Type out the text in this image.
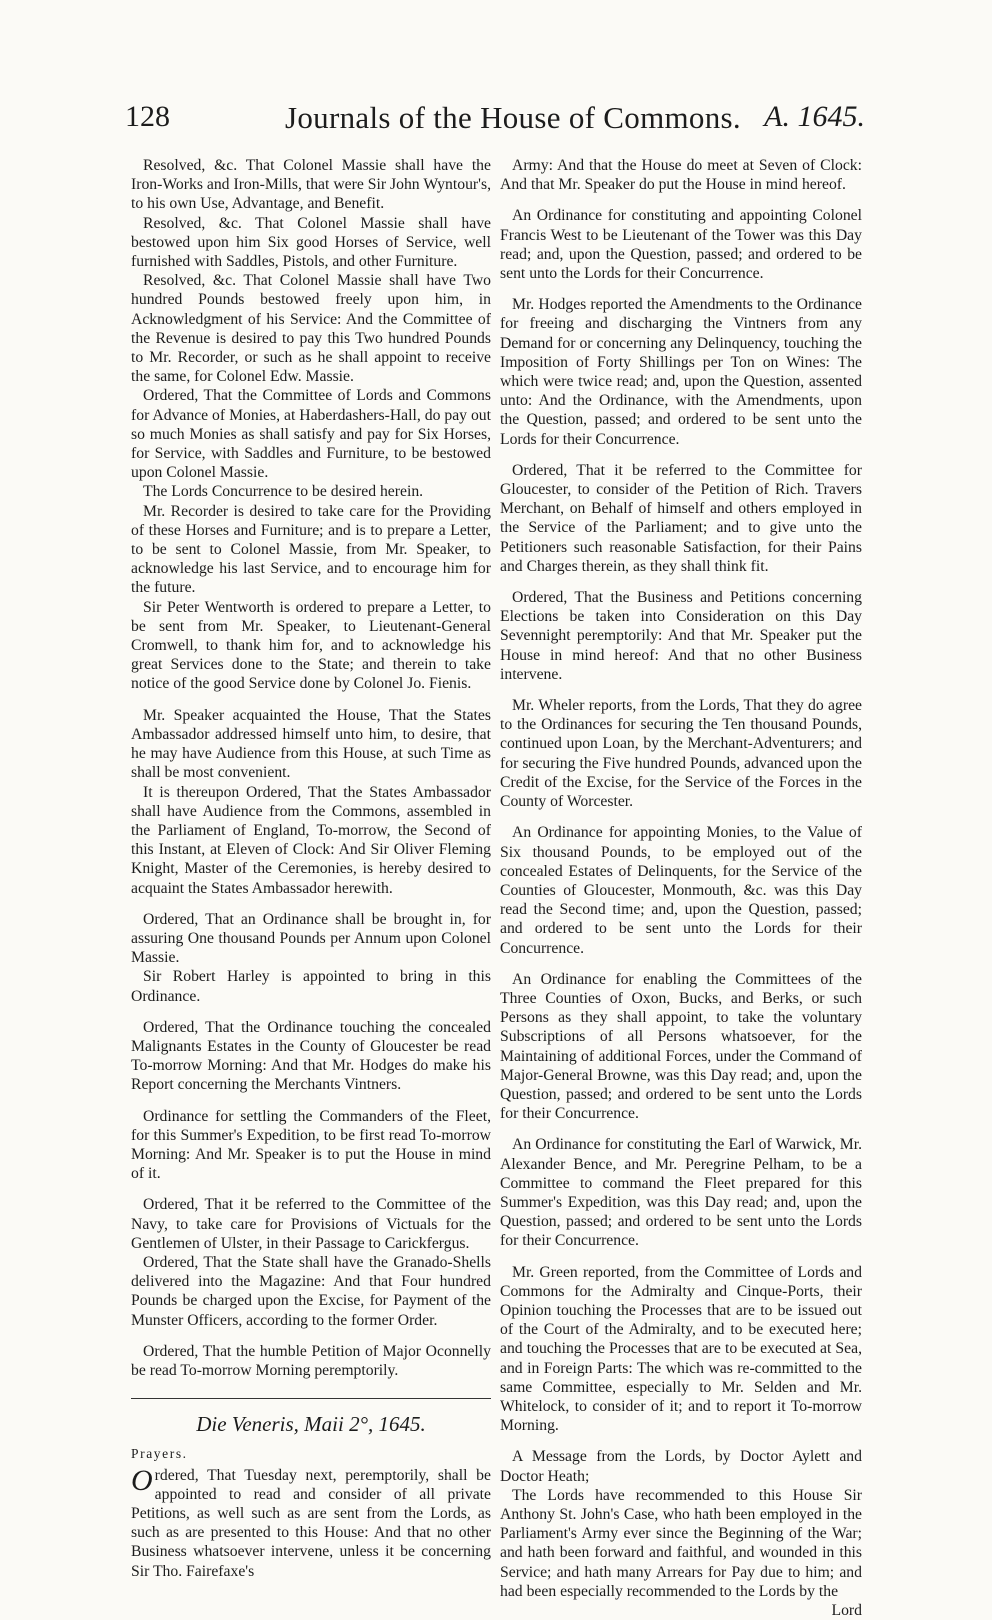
128	Journals of the House of Commons. A. 1645.

Resolved, &c. That Colonel Massie shall have the Iron-Works and Iron-Mills, that were Sir John Wyntour's, to his own Use, Advantage, and Benefit.

Resolved, &c. That Colonel Massie shall have bestowed upon him Six good Horses of Service, well furnished with Saddles, Pistols, and other Furniture.

Resolved, &c. That Colonel Massie shall have Two hundred Pounds bestowed freely upon him, in Acknowledgment of his Service: And the Committee of the Revenue is desired to pay this Two hundred Pounds to Mr. Recorder, or such as he shall appoint to receive the same, for Colonel Edw. Massie.

Ordered, That the Committee of Lords and Commons for Advance of Monies, at Haberdashers-Hall, do pay out so much Monies as shall satisfy and pay for Six Horses, for Service, with Saddles and Furniture, to be bestowed upon Colonel Massie.

The Lords Concurrence to be desired herein.

Mr. Recorder is desired to take care for the Providing of these Horses and Furniture; and is to prepare a Letter, to be sent to Colonel Massie, from Mr. Speaker, to acknowledge his last Service, and to encourage him for the future.

Sir Peter Wentworth is ordered to prepare a Letter, to be sent from Mr. Speaker, to Lieutenant-General Cromwell, to thank him for, and to acknowledge his great Services done to the State; and therein to take notice of the good Service done by Colonel Jo. Fienis.

Mr. Speaker acquainted the House, That the States Ambassador addressed himself unto him, to desire, that he may have Audience from this House, at such Time as shall be most convenient.

It is thereupon Ordered, That the States Ambassador shall have Audience from the Commons, assembled in the Parliament of England, To-morrow, the Second of this Instant, at Eleven of Clock: And Sir Oliver Fleming Knight, Master of the Ceremonies, is hereby desired to acquaint the States Ambassador herewith.

Ordered, That an Ordinance shall be brought in, for assuring One thousand Pounds per Annum upon Colonel Massie.

Sir Robert Harley is appointed to bring in this Ordinance.

Ordered, That the Ordinance touching the concealed Malignants Estates in the County of Gloucester be read To-morrow Morning: And that Mr. Hodges do make his Report concerning the Merchants Vintners.

Ordinance for settling the Commanders of the Fleet, for this Summer's Expedition, to be first read To-morrow Morning: And Mr. Speaker is to put the House in mind of it.

Ordered, That it be referred to the Committee of the Navy, to take care for Provisions of Victuals for the Gentlemen of Ulster, in their Passage to Carickfergus.

Ordered, That the State shall have the Granado-Shells delivered into the Magazine: And that Four hundred Pounds be charged upon the Excise, for Payment of the Munster Officers, according to the former Order.

Ordered, That the humble Petition of Major Oconnelly be read To-morrow Morning peremptorily.

Die Veneris, Maii 2°, 1645.
Prayers.

Ordered, That Tuesday next, peremptorily, shall be appointed to read and consider of all private Petitions, as well such as are sent from the Lords, as such as are presented to this House: And that no other Business whatsoever intervene, unless it be concerning Sir Tho. Fairefaxe's

Army: And that the House do meet at Seven of Clock: And that Mr. Speaker do put the House in mind hereof.

An Ordinance for constituting and appointing Colonel Francis West to be Lieutenant of the Tower was this Day read; and, upon the Question, passed; and ordered to be sent unto the Lords for their Concurrence.

Mr. Hodges reported the Amendments to the Ordinance for freeing and discharging the Vintners from any Demand for or concerning any Delinquency, touching the Imposition of Forty Shillings per Ton on Wines: The which were twice read; and, upon the Question, assented unto: And the Ordinance, with the Amendments, upon the Question, passed; and ordered to be sent unto the Lords for their Concurrence.

Ordered, That it be referred to the Committee for Gloucester, to consider of the Petition of Rich. Travers Merchant, on Behalf of himself and others employed in the Service of the Parliament; and to give unto the Petitioners such reasonable Satisfaction, for their Pains and Charges therein, as they shall think fit.

Ordered, That the Business and Petitions concerning Elections be taken into Consideration on this Day Sevennight peremptorily: And that Mr. Speaker put the House in mind hereof: And that no other Business intervene.

Mr. Wheler reports, from the Lords, That they do agree to the Ordinances for securing the Ten thousand Pounds, continued upon Loan, by the Merchant-Adventurers; and for securing the Five hundred Pounds, advanced upon the Credit of the Excise, for the Service of the Forces in the County of Worcester.

An Ordinance for appointing Monies, to the Value of Six thousand Pounds, to be employed out of the concealed Estates of Delinquents, for the Service of the Counties of Gloucester, Monmouth, &c. was this Day read the Second time; and, upon the Question, passed; and ordered to be sent unto the Lords for their Concurrence.

An Ordinance for enabling the Committees of the Three Counties of Oxon, Bucks, and Berks, or such Persons as they shall appoint, to take the voluntary Subscriptions of all Persons whatsoever, for the Maintaining of additional Forces, under the Command of Major-General Browne, was this Day read; and, upon the Question, passed; and ordered to be sent unto the Lords for their Concurrence.

An Ordinance for constituting the Earl of Warwick, Mr. Alexander Bence, and Mr. Peregrine Pelham, to be a Committee to command the Fleet prepared for this Summer's Expedition, was this Day read; and, upon the Question, passed; and ordered to be sent unto the Lords for their Concurrence.

Mr. Green reported, from the Committee of Lords and Commons for the Admiralty and Cinque-Ports, their Opinion touching the Processes that are to be issued out of the Court of the Admiralty, and to be executed here; and touching the Processes that are to be executed at Sea, and in Foreign Parts: The which was re-committed to the same Committee, especially to Mr. Selden and Mr. Whitelock, to consider of it; and to report it To-morrow Morning.

A Message from the Lords, by Doctor Aylett and Doctor Heath;

The Lords have recommended to this House Sir Anthony St. John's Case, who hath been employed in the Parliament's Army ever since the Beginning of the War; and hath been forward and faithful, and wounded in this Service; and hath many Arrears for Pay due to him; and had been especially recommended to the Lords by the

Lord
